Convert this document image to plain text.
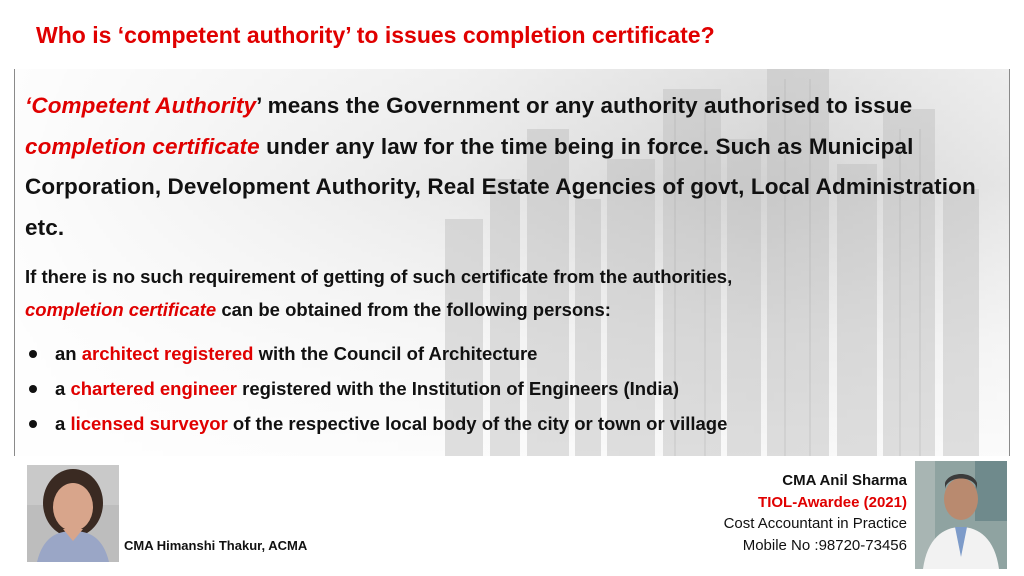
Who is ‘competent authority’ to issues completion certificate?
‘Competent Authority’ means the Government or any authority authorised to issue completion certificate under any law for the time being in force. Such as Municipal Corporation, Development Authority, Real Estate Agencies of govt, Local Administration etc.
If there is no such requirement of getting of such certificate from the authorities,
completion certificate can be obtained from the following persons:
an architect registered with the Council of Architecture
a chartered engineer registered with the Institution of Engineers (India)
a licensed surveyor of the respective local body of the city or town or village
CMA Himanshi Thakur, ACMA
CMA Anil Sharma
TIOL-Awardee (2021)
Cost Accountant in Practice
Mobile No :98720-73456
